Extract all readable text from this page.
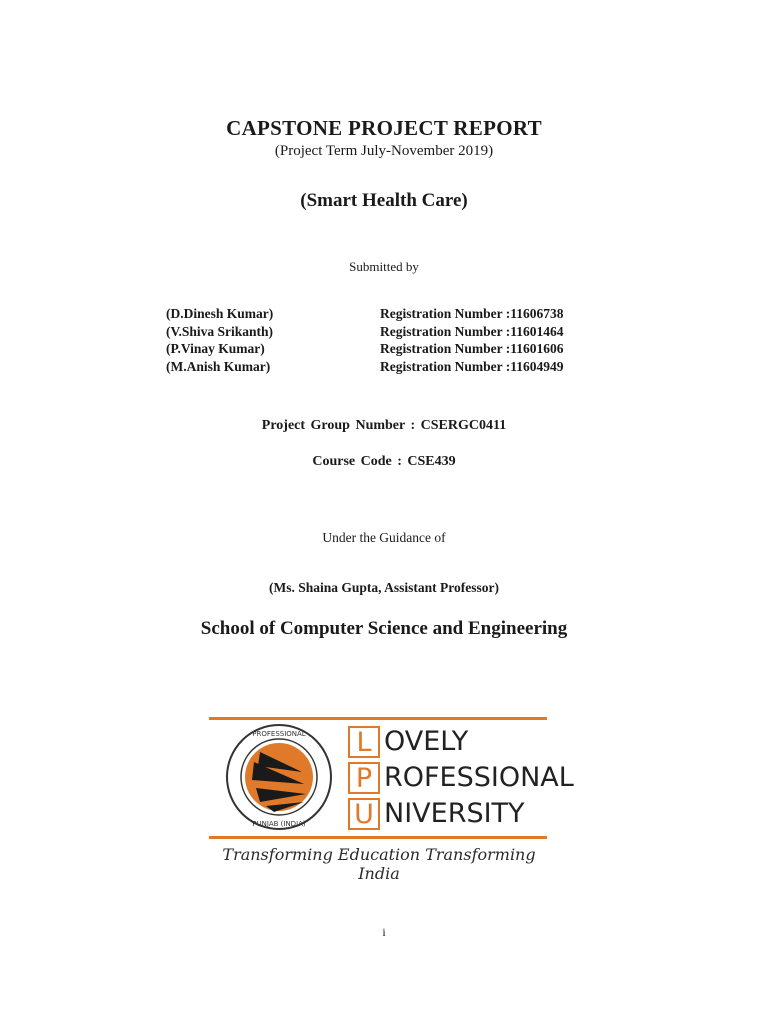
CAPSTONE PROJECT REPORT
(Project Term July-November 2019)
(Smart Health Care)
Submitted by
(D.Dinesh Kumar)	Registration Number :11606738
(V.Shiva Srikanth)	Registration Number :11601464
(P.Vinay Kumar)	Registration Number :11601606
(M.Anish Kumar)	Registration Number :11604949
Project Group Number : CSERGC0411
Course Code : CSE439
Under the Guidance of
(Ms. Shaina Gupta, Assistant Professor)
School of Computer Science and Engineering
PROFESSIONAL
PUNJAB (INDIA)
L
P
U
OVELY
ROFESSIONAL
NIVERSITY
Transforming Education Transforming India
i
